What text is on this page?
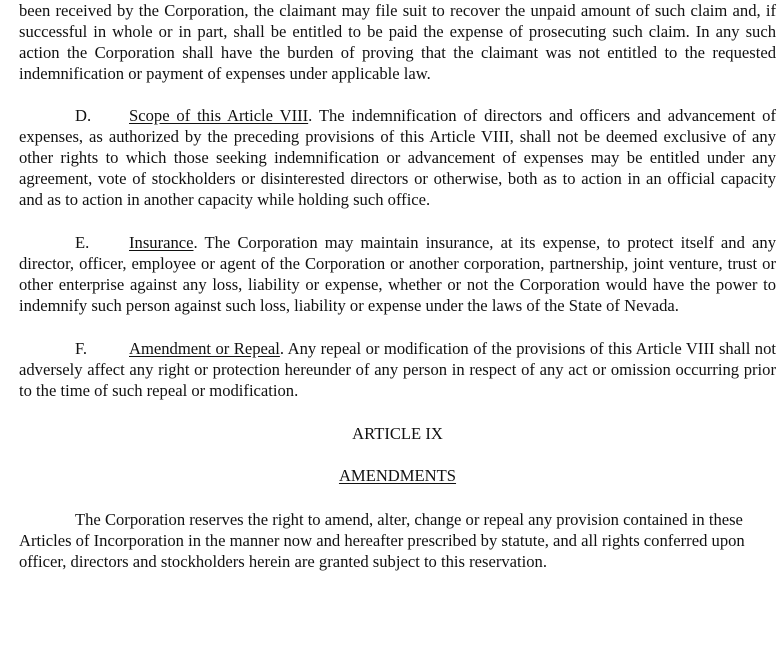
been received by the Corporation, the claimant may file suit to recover the unpaid amount of such claim and, if successful in whole or in part, shall be entitled to be paid the expense of prosecuting such claim. In any such action the Corporation shall have the burden of proving that the claimant was not entitled to the requested indemnification or payment of expenses under applicable law.

D. Scope of this Article VIII. The indemnification of directors and officers and advancement of expenses, as authorized by the preceding provisions of this Article VIII, shall not be deemed exclusive of any other rights to which those seeking indemnification or advancement of expenses may be entitled under any agreement, vote of stockholders or disinterested directors or otherwise, both as to action in an official capacity and as to action in another capacity while holding such office.

E. Insurance. The Corporation may maintain insurance, at its expense, to protect itself and any director, officer, employee or agent of the Corporation or another corporation, partnership, joint venture, trust or other enterprise against any loss, liability or expense, whether or not the Corporation would have the power to indemnify such person against such loss, liability or expense under the laws of the State of Nevada.

F.	Amendment or Repeal. Any repeal or modification of the provisions of this Article VIII shall not adversely affect any right or protection hereunder of any person in respect of any act or omission occurring prior to the time of such repeal or modification.

ARTICLE IX

AMENDMENTS

The Corporation reserves the right to amend, alter, change or repeal any provision contained in these Articles of Incorporation in the manner now and hereafter prescribed by statute, and all rights conferred upon officer, directors and stockholders herein are granted subject to this reservation.
